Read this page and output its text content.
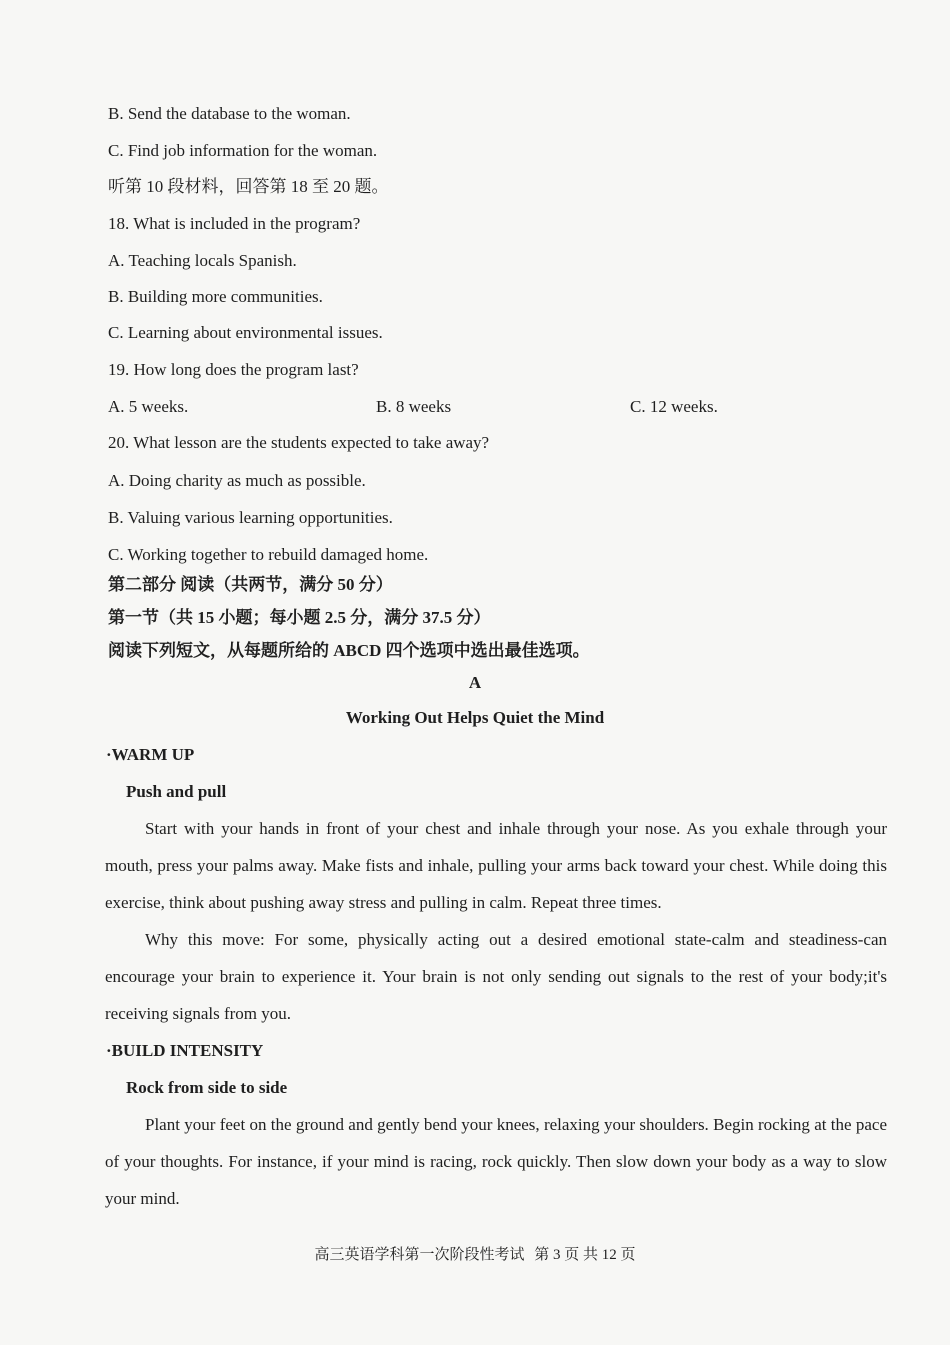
B. Send the database to the woman.
C. Find job information for the woman.
听第 10 段材料，回答第 18 至 20 题。
18. What is included in the program?
A. Teaching locals Spanish.
B. Building more communities.
C. Learning about environmental issues.
19. How long does the program last?
A. 5 weeks.	B. 8 weeks	C. 12 weeks.
20. What lesson are the students expected to take away?
A. Doing charity as much as possible.
B. Valuing various learning opportunities.
C. Working together to rebuild damaged home.
第二部分 阅读（共两节，满分 50 分）
第一节（共 15 小题；每小题 2.5 分，满分 37.5 分）
阅读下列短文，从每题所给的 ABCD 四个选项中选出最佳选项。
A
Working Out Helps Quiet the Mind
·WARM UP
Push and pull
Start with your hands in front of your chest and inhale through your nose. As you exhale through your mouth, press your palms away. Make fists and inhale, pulling your arms back toward your chest. While doing this exercise, think about pushing away stress and pulling in calm. Repeat three times.
Why this move: For some, physically acting out a desired emotional state-calm and steadiness-can encourage your brain to experience it. Your brain is not only sending out signals to the rest of your body;it's receiving signals from you.
·BUILD INTENSITY
Rock from side to side
Plant your feet on the ground and gently bend your knees, relaxing your shoulders. Begin rocking at the pace of your thoughts. For instance, if your mind is racing, rock quickly. Then slow down your body as a way to slow your mind.
高三英语学科第一次阶段性考试 第 3 页 共 12 页
